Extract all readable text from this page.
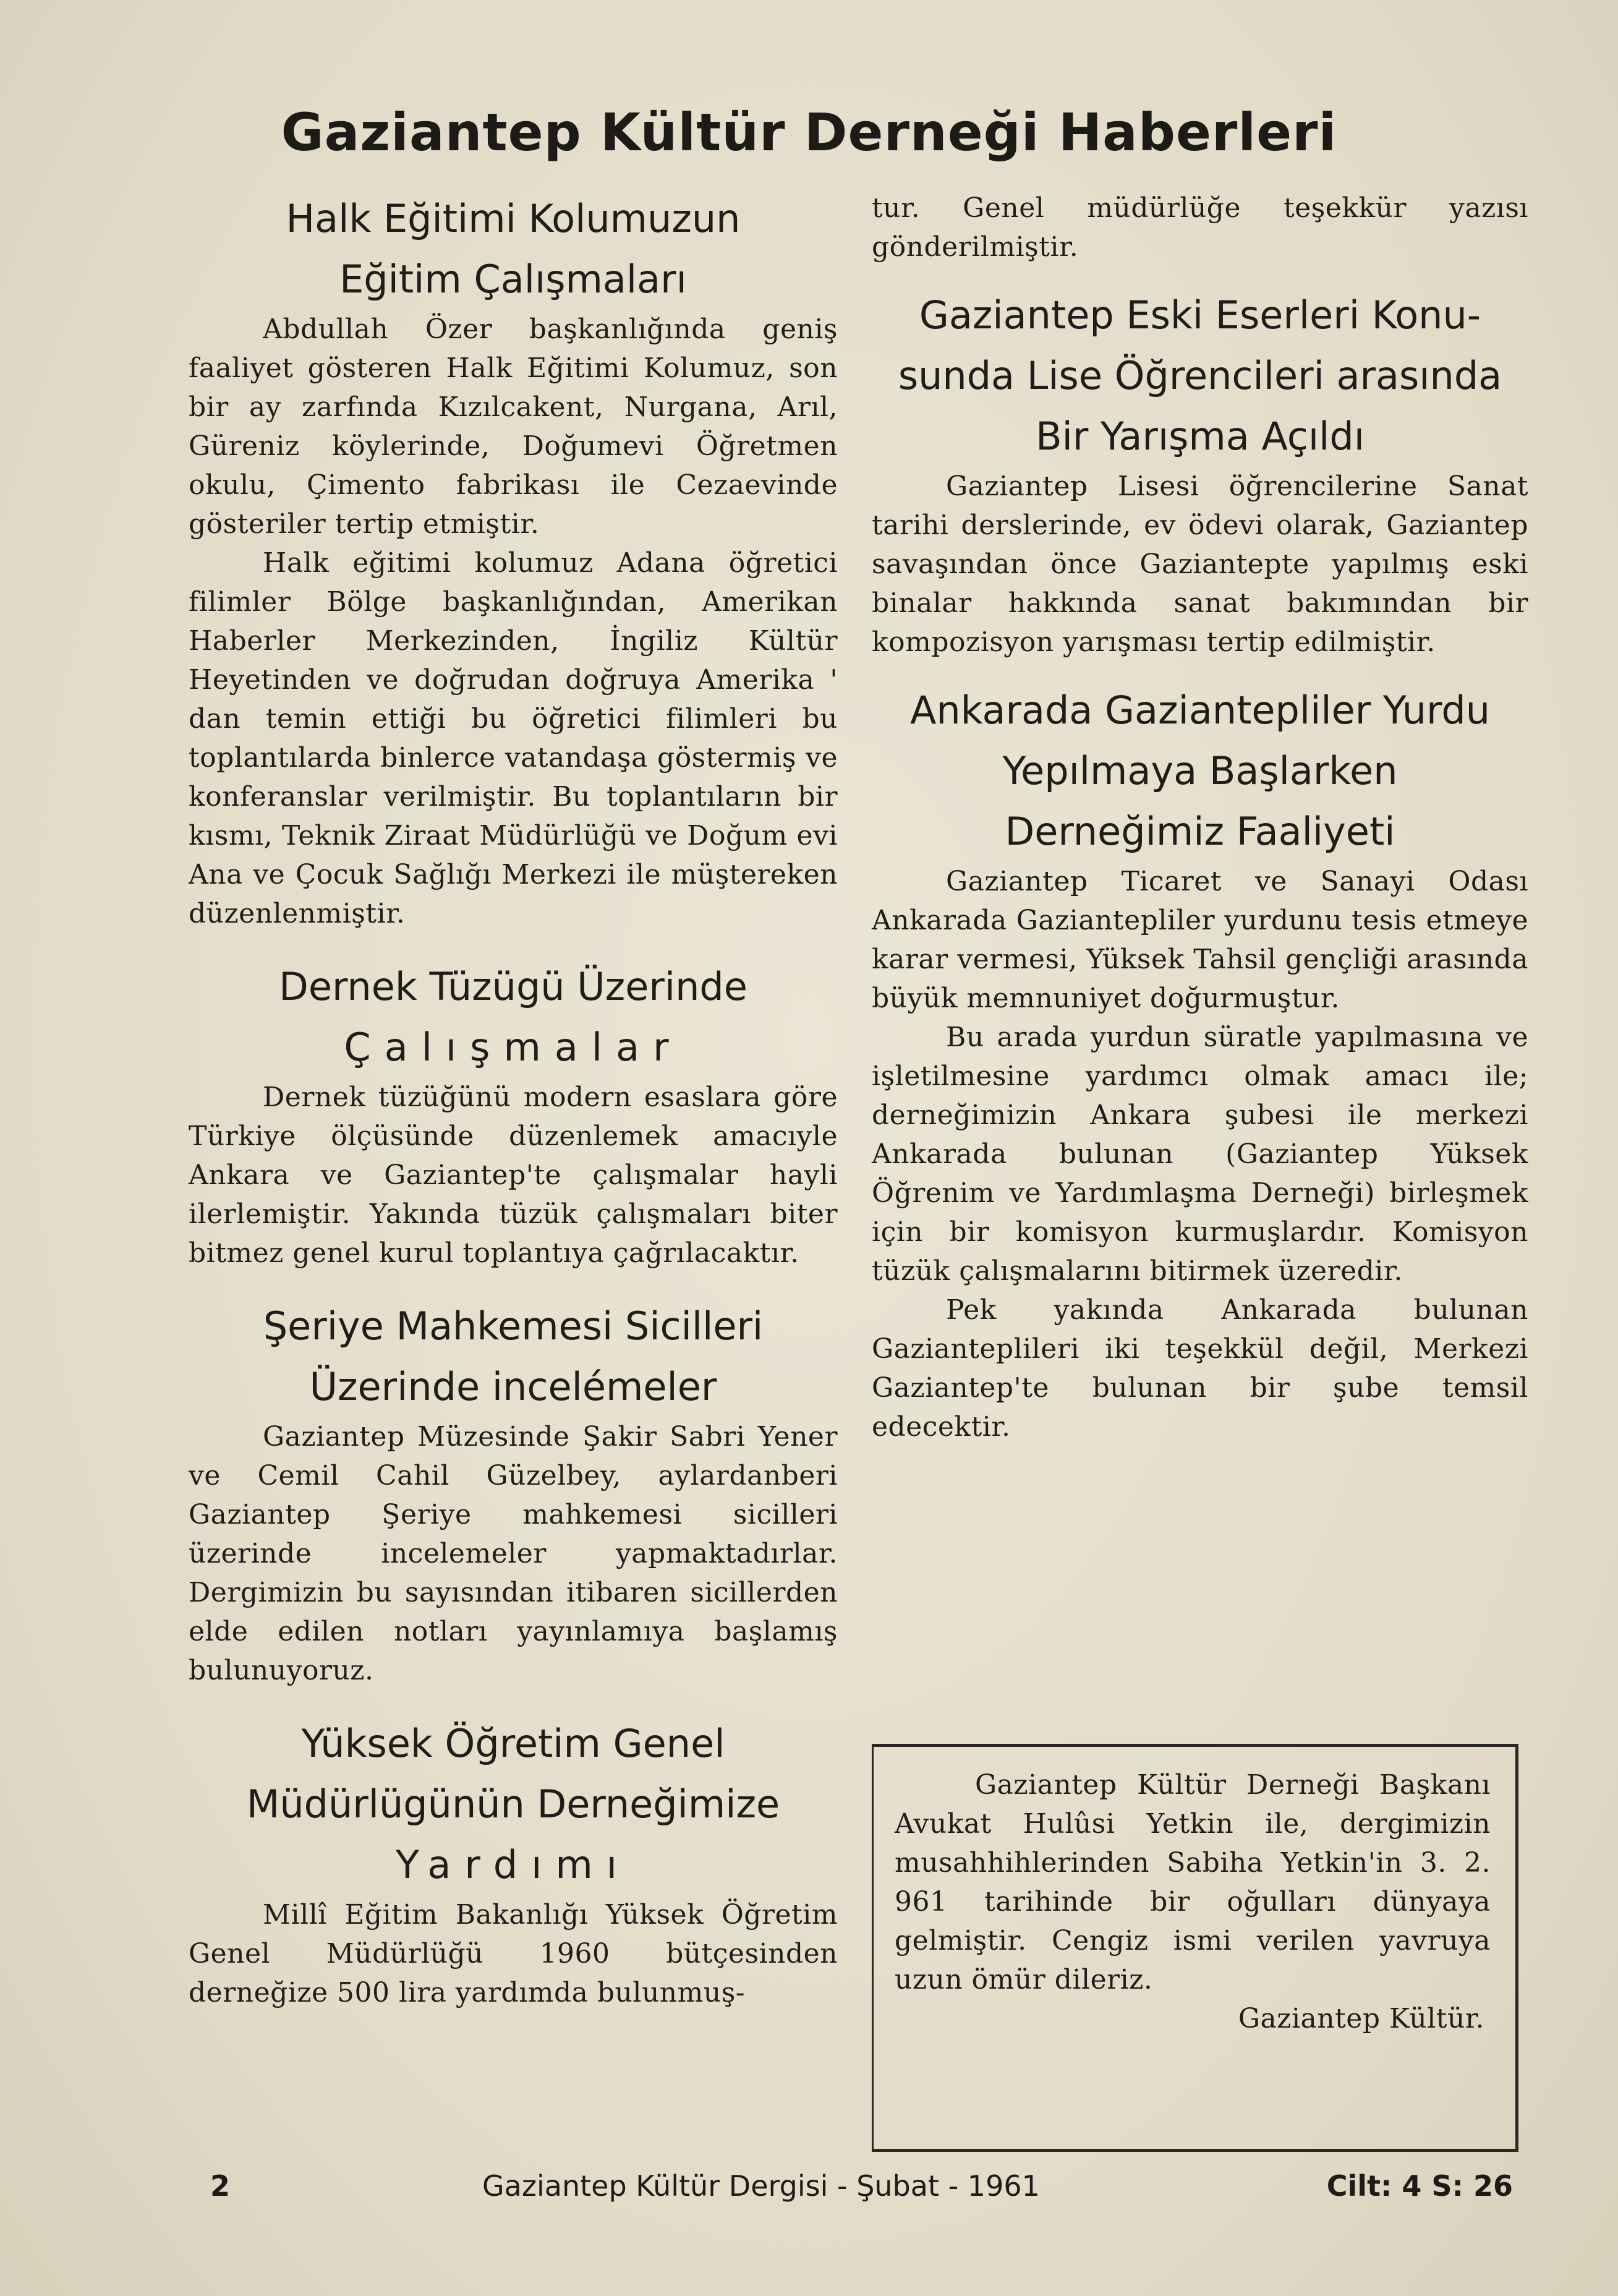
Gaziantep Kültür Derneği Haberleri
Halk Eğitimi Kolumuzun
Eğitim Çalışmaları

Abdullah Özer başkanlığında geniş faaliyet gösteren Halk Eğitimi Kolumuz, son bir ay zarfında Kızılcakent, Nurgana, Arıl, Güreniz köylerinde, Doğumevi Öğretmen okulu, Çimento fabrikası ile Cezaevinde gösteriler tertip etmiştir.

Halk eğitimi kolumuz Adana öğretici filimler Bölge başkanlığından, Amerikan Haberler Merkezinden, İngiliz Kültür Heyetinden ve doğrudan doğruya Amerika ' dan temin ettiği bu öğretici filimleri bu toplantılarda binlerce vatandaşa göstermiş ve konferanslar verilmiştir. Bu toplantıların bir kısmı, Teknik Ziraat Müdürlüğü ve Doğum evi Ana ve Çocuk Sağlığı Merkezi ile müştereken düzenlenmiştir.

Dernek Tüzügü Üzerinde
Çalışmalar

Dernek tüzüğünü modern esaslara göre Türkiye ölçüsünde düzenlemek amacıyle Ankara ve Gaziantep'te çalışmalar hayli ilerlemiştir. Yakında tüzük çalışmaları biter bitmez genel kurul toplantıya çağrılacaktır.

Şeriye Mahkemesi Sicilleri
Üzerinde incelémeler

Gaziantep Müzesinde Şakir Sabri Yener ve Cemil Cahil Güzelbey, aylardanberi Gaziantep Şeriye mahkemesi sicilleri üzerinde incelemeler yapmaktadırlar. Dergimizin bu sayısından itibaren sicillerden elde edilen notları yayınlamıya başlamış bulunuyoruz.

Yüksek Öğretim Genel
Müdürlügünün Derneğimize
Yardımı

Millî Eğitim Bakanlığı Yüksek Öğretim Genel Müdürlüğü 1960 bütçesinden derneğize 500 lira yardımda bulunmuş-

tur. Genel müdürlüğe teşekkür yazısı gönderilmiştir.

Gaziantep Eski Eserleri Konu-
sunda Lise Öğrencileri arasında
Bir Yarışma Açıldı

Gaziantep Lisesi öğrencilerine Sanat tarihi derslerinde, ev ödevi olarak, Gaziantep savaşından önce Gaziantepte yapılmış eski binalar hakkında sanat bakımından bir kompozisyon yarışması tertip edilmiştir.

Ankarada Gaziantepliler Yurdu
Yepılmaya Başlarken
Derneğimiz Faaliyeti

Gaziantep Ticaret ve Sanayi Odası Ankarada Gaziantepliler yurdunu tesis etmeye karar vermesi, Yüksek Tahsil gençliği arasında büyük memnuniyet doğurmuştur.

Bu arada yurdun süratle yapılmasına ve işletilmesine yardımcı olmak amacı ile; derneğimizin Ankara şubesi ile merkezi Ankarada bulunan (Gaziantep Yüksek Öğrenim ve Yardımlaşma Derneği) birleşmek için bir komisyon kurmuşlardır. Komisyon tüzük çalışmalarını bitirmek üzeredir.

Pek yakında Ankarada bulunan Gazianteplileri iki teşekkül değil, Merkezi Gaziantep'te bulunan bir şube temsil edecektir.

Gaziantep Kültür Derneği Başkanı Avukat Hulûsi Yetkin ile, dergimizin musahhihlerinden Sabiha Yetkin'in 3. 2. 961 tarihinde bir oğulları dünyaya gelmiştir. Cengiz ismi verilen yavruya uzun ömür dileriz.

Gaziantep Kültür.

2	Gaziantep Kültür Dergisi - Şubat - 1961	Cilt: 4 S: 26
